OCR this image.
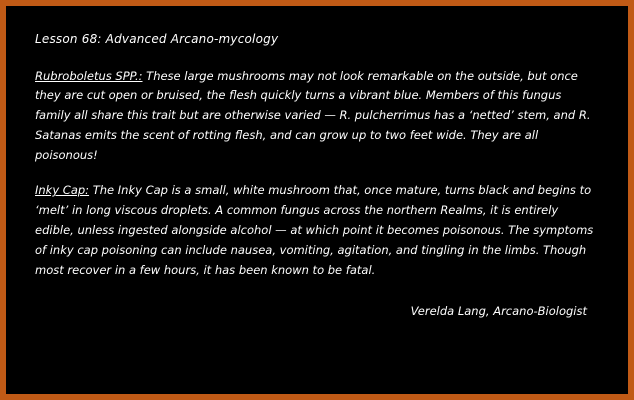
Lesson 68: Advanced Arcano-mycology

Rubroboletus SPP.: These large mushrooms may not look remarkable on the outside, but once they are cut open or bruised, the flesh quickly turns a vibrant blue. Members of this fungus family all share this trait but are otherwise varied — R. pulcherrimus has a ‘netted’ stem, and R. Satanas emits the scent of rotting flesh, and can grow up to two feet wide. They are all poisonous!

Inky Cap: The Inky Cap is a small, white mushroom that, once mature, turns black and begins to ‘melt’ in long viscous droplets. A common fungus across the northern Realms, it is entirely edible, unless ingested alongside alcohol — at which point it becomes poisonous. The symptoms of inky cap poisoning can include nausea, vomiting, agitation, and tingling in the limbs. Though most recover in a few hours, it has been known to be fatal.

Verelda Lang, Arcano-Biologist
